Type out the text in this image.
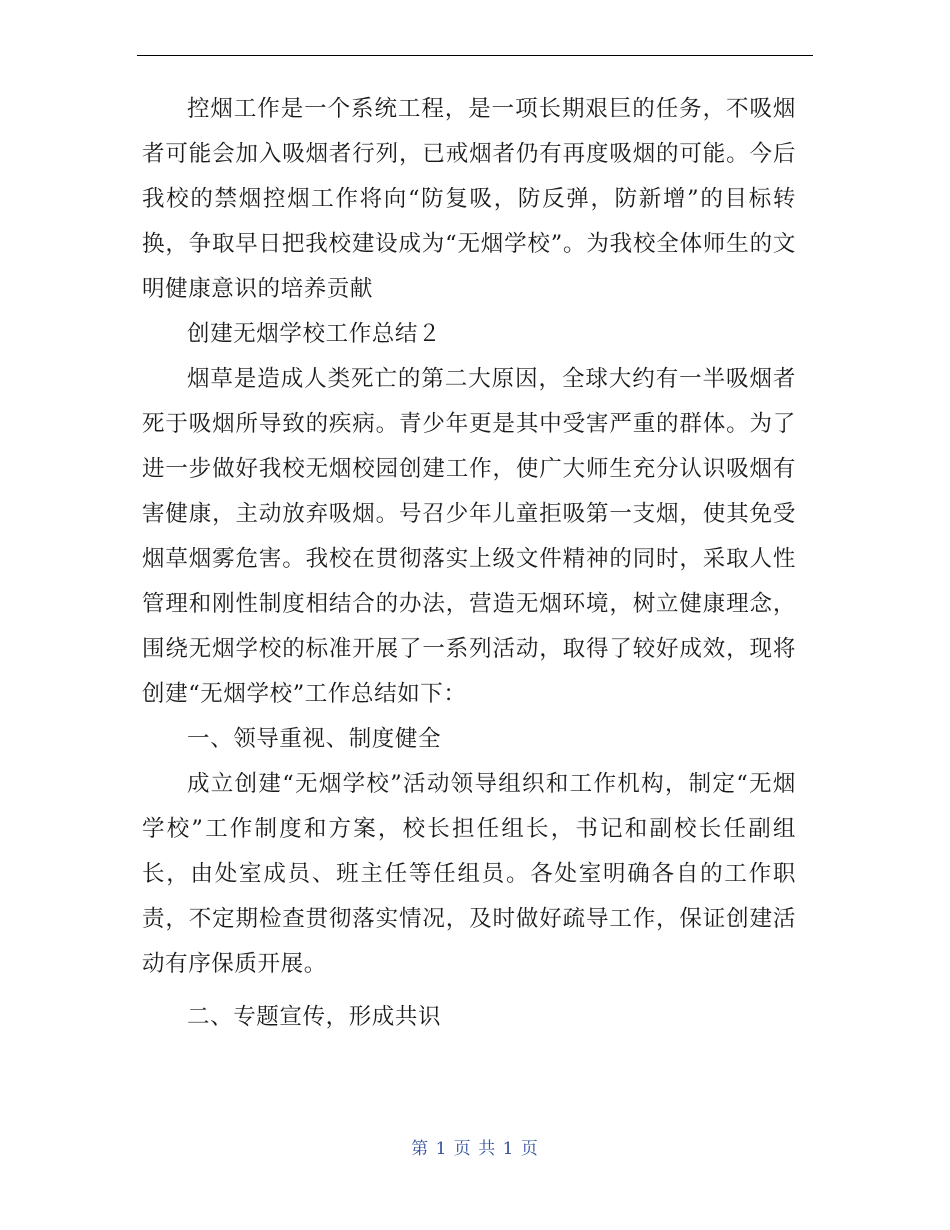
控烟工作是一个系统工程，是一项长期艰巨的任务，不吸烟者可能会加入吸烟者行列，已戒烟者仍有再度吸烟的可能。今后我校的禁烟控烟工作将向“防复吸，防反弹，防新增”的目标转换，争取早日把我校建设成为“无烟学校”。为我校全体师生的文明健康意识的培养贡献

创建无烟学校工作总结２

烟草是造成人类死亡的第二大原因，全球大约有一半吸烟者死于吸烟所导致的疾病。青少年更是其中受害严重的群体。为了进一步做好我校无烟校园创建工作，使广大师生充分认识吸烟有害健康，主动放弃吸烟。号召少年儿童拒吸第一支烟，使其免受烟草烟雾危害。我校在贯彻落实上级文件精神的同时，采取人性管理和刚性制度相结合的办法，营造无烟环境，树立健康理念，围绕无烟学校的标准开展了一系列活动，取得了较好成效，现将创建“无烟学校”工作总结如下：

一、领导重视、制度健全

成立创建“无烟学校”活动领导组织和工作机构，制定“无烟学校”工作制度和方案，校长担任组长，书记和副校长任副组长，由处室成员、班主任等任组员。各处室明确各自的工作职责，不定期检查贯彻落实情况，及时做好疏导工作，保证创建活动有序保质开展。

二、专题宣传，形成共识

第 1 页 共 1 页
